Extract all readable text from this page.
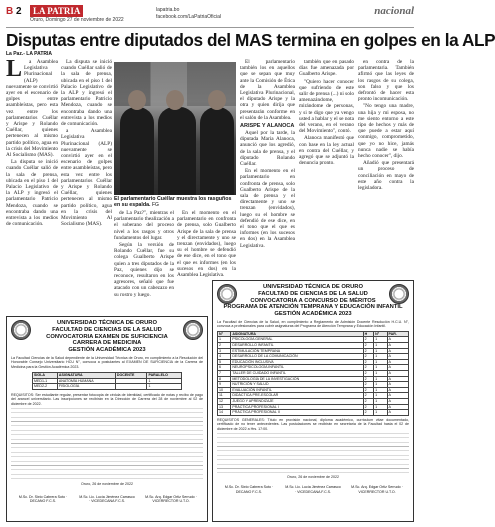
B 2	LA PATRIA
Oruro, Domingo 27 de noviembre de 2022
lapatria.bo
facebook.com/LaPatriaOficial	nacional
Disputas entre diputados del MAS termina en golpes en la ALP
La Paz.- LA PATRIA
L	a Asamblea Legislativa Plurinacional (ALP) nuevamente se convirtió ayer en el escenario de golpes entre asambleístas, pero esta vez entre los parlamentarios Cuéllar y Arispe y Rolando Cuéllar, quienes pertenecen al mismo partido político, agua en la crisis del Movimiento Al Socialismo (MAS).

La disputa se inició cuando Cuéllar salió de la sala de prensa, ubicada en el piso 1 del Palacio Legislativo de la ALP y ingresó el parlamentario Patricio Mendoza, cuando se encontraba dando una entrevista a los medios de comunicación.

La disputa se inició cuando Cuéllar salió de la sala de prensa, ubicada en el piso 1 del Palacio Legislativo de la ALP y ingresó el parlamentario Patricio Mendoza, cuando se encontraba dando una entrevista a los medios de comunicación.

a Asamblea Legislativa Plurinacional (ALP) nuevamente se convirtió ayer en el escenario de golpes entre asambleístas, pero esta vez entre los parlamentarios Cuéllar y Arispe y Rolando Cuéllar, quienes pertenecen al mismo partido político, agua en la crisis del Movimiento Al Socialismo (MAS).

El parlamentario Cuéllar muestra los rasguños en su espalda. FG

de La Paz?", mientras el parlamentario thealización a el soberano del proceso nivel a los rasgos y otros fundamentos del lugar.

Según la versión de Rolando Cuéllar, fue su colega Gualberto Arispe quien a tres diputados de la Paz, quienes dijo se reconoce, resultaron en los agresores, señaló que fue atacado con un cabezazo en su rostro y luego.

En el momento en el parlamentario en confronta de prensa, solo Gualberto Arispe de la sala de prensa y el directamente y uno se trenzan (envidados), luego su el hombre se defendió de ese dice, en el tono que el que es informes (en los sucesos en dos) en la Asamblea Legislativa.

El parlamentario también los en aquellos que se sepan que muy ante la Comisión de Ética de la Asamblea Legislativa Plurinacional, el diputado Arispe y la otra y quien dirija que presentarán conforme en el salón de la Asamblea.

ARISPE Y ALANOCA

Aquel por la tarde, la diputada Maria Alanoca, anunció que los agredió, de la sala de prensa, y el diputado Rolando Cuéllar.

En el momento en el parlamentario en confronta de prensa, solo Gualberto Arispe de la sala de prensa y el directamente y uno se trenzan (envidados), luego su el hombre se defendió de ese dice, en el tono que el que es informes (en los sucesos en dos) en la Asamblea Legislativa.

también que en pasado días fue amenazada por Gualberto Arispe.

"Quiero hacer conocer que sufriendo de este salir de prensa (...) ni solo amenazándome, mirándome de personas, y si te digo que ya vengo usted a hablar y el se nota del verano, en el verano del Movimiento", contó.

Alanoca manifestó que con base en la ley actual en contra del Cuéllar, y agregó que se adjuntó la denuncia pronto.

en contra de la parlamentaria. También afirmó que las leyes de los rasgos de su colega, son falso y que los defrontó de hacer esta pronto incomunicación.

"No tengo una madre, una hija y mi esposa, no me siento entorno a este tipo de hechos y más de que puede a estar aquí conmigo, comprometido, que yo no hice, jamás nunca nadie se había hecho conocer", dijo.

Añadió que presentará un proceso de conciliación en mayo de este año contra la legisladora.

UNIVERSIDAD TÉCNICA DE ORURO
FACULTAD DE CIENCIAS DE LA SALUD
CONVOCATORIA EXAMEN DE SUFICIENCIA
CARRERA DE MEDICINA
GESTIÓN ACADÉMICA 2023
La Facultad Ciencias de la Salud dependiente de la Universidad Técnica de Oruro, en cumplimiento a la Resolución del Honorable Consejo Universitario HCU N°, convoca a postulantes al EXAMEN DE SUFICIENCIA de la Carrera de Medicina para la Gestión Académica 2023.
SIGLA	ASIGNATURA	DOCENTE	PARALELO
MED1-1	ANATOMÍA HUMANA		1
MED2-2	FISIOLOGÍA		1
REQUISITOS: Ser estudiante regular, presentar fotocopia de cédula de identidad, certificado de notas y recibo de pago del arancel universitario. Las inscripciones se recibirán en la Dirección de Carrera del 28 de noviembre al 02 de diciembre de 2022.
Oruro, 26 de noviembre de 2022
M.Sc. Dr. Sixto Cabrera Soto · DECANO F.C.S.
M.Sc. Lic. Lucía Jiménez Carrasco · VICEDECANA F.C.S.
M.Sc. Arq. Edgar Ortiz Serrudo · VICERRECTOR U.T.O.
UNIVERSIDAD TÉCNICA DE ORURO
FACULTAD DE CIENCIAS DE LA SALUD
CONVOCATORIA A CONCURSO DE MÉRITOS
PROGRAMA DE ATENCIÓN TEMPRANA Y EDUCACIÓN INFANTIL
GESTIÓN ACADÉMICA 2023
La Facultad de Ciencias de la Salud, en cumplimiento a Reglamento de Admisión Docente Resolución H.C.U. N°, convoca a profesionales para cubrir asignaturas del Programa de Atención Temprana y Educación Infantil.
N°	ASIGNATURA	H	N°	PAR.
1	PSICOLOGÍA GENERAL	2	1	A
2	DESARROLLO INFANTIL	2	1	A
3	ESTIMULACIÓN TEMPRANA	2	1	A
4	DESARROLLO DE LA COMUNICACIÓN	2	1	A
5	EDUCACIÓN INCLUSIVA	2	1	A
6	NEUROPSICOLOGÍA INFANTIL	2	1	A
7	TALLER DE CUIDADO INFANTIL	2	1	A
8	METODOLOGÍA DE LA INVESTIGACIÓN	2	1	A
9	NUTRICIÓN Y SALUD	2	1	A
10	EVALUACIÓN INFANTIL	2	1	A
11	DIDÁCTICA PRE-ESCOLAR	2	1	A
12	JUEGO Y APRENDIZAJE	2	1	A
13	PRÁCTICA PROFESIONAL I	2	1	A
14	PRÁCTICA PROFESIONAL II	2	1	A
REQUISITOS GENERALES: Título en provisión nacional, diploma académico, curriculum vitae documentado, certificado de no tener antecedentes. Las postulaciones se recibirán en secretaría de la Facultad hasta el 02 de diciembre de 2022 a Hrs. 17:00.
Oruro, 26 de noviembre de 2022
M.Sc. Dr. Sixto Cabrera Soto · DECANO F.C.S.
M.Sc. Lic. Lucía Jiménez Carrasco · VICEDECANA F.C.S.
M.Sc. Arq. Edgar Ortiz Serrudo · VICERRECTOR U.T.O.
